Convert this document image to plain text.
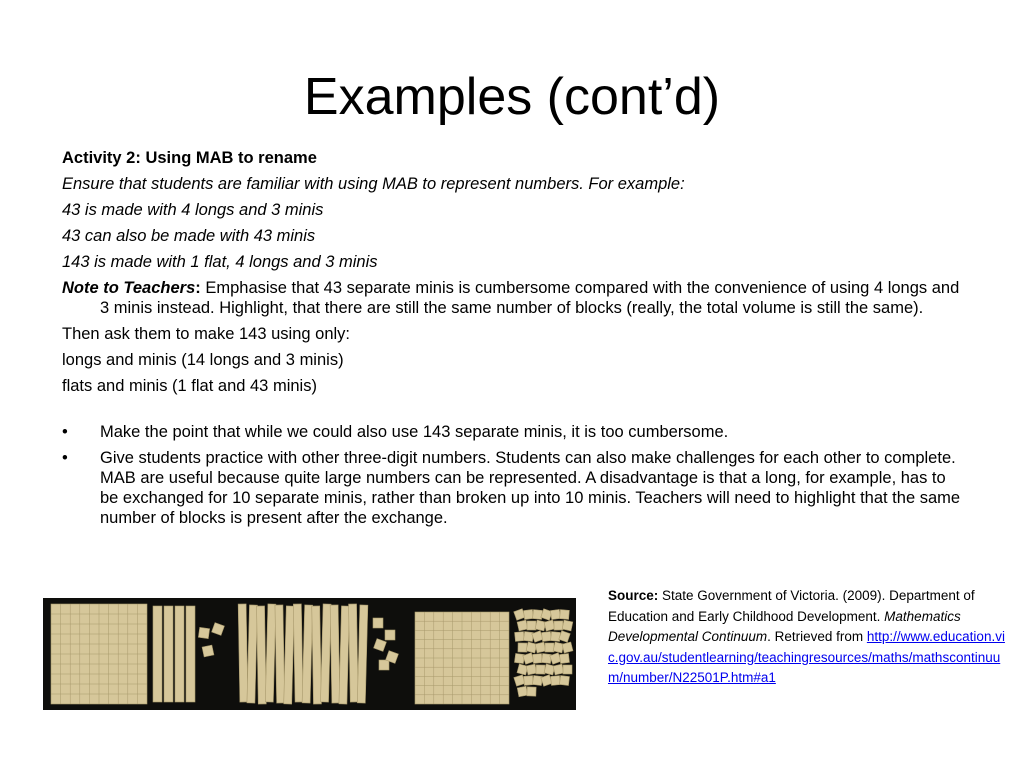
Examples (cont’d)

Activity 2: Using MAB to rename

Ensure that students are familiar with using MAB to represent numbers. For example:

43 is made with 4 longs and 3 minis

43 can also be made with 43 minis

143 is made with 1 flat, 4 longs and 3 minis

Note to Teachers: Emphasise that 43 separate minis is cumbersome compared with the convenience of using 4 longs and 3 minis instead. Highlight, that there are still the same number of blocks (really, the total volume is still the same).

Then ask them to make 143 using only:

longs and minis (14 longs and 3 minis)

flats and minis (1 flat and 43 minis)

• Make the point that while we could also use 143 separate minis, it is too cumbersome.
• Give students practice with other three-digit numbers. Students can also make challenges for each other to complete. MAB are useful because quite large numbers can be represented. A disadvantage is that a long, for example, has to be exchanged for 10 separate minis, rather than broken up into 10 minis. Teachers will need to highlight that the same number of blocks is present after the exchange.
Source: State Government of Victoria. (2009). Department of Education and Early Childhood Development. Mathematics Developmental Continuum. Retrieved from http://www.education.vic.gov.au/studentlearning/teachingresources/maths/mathscontinuum/number/N22501P.htm#a1
